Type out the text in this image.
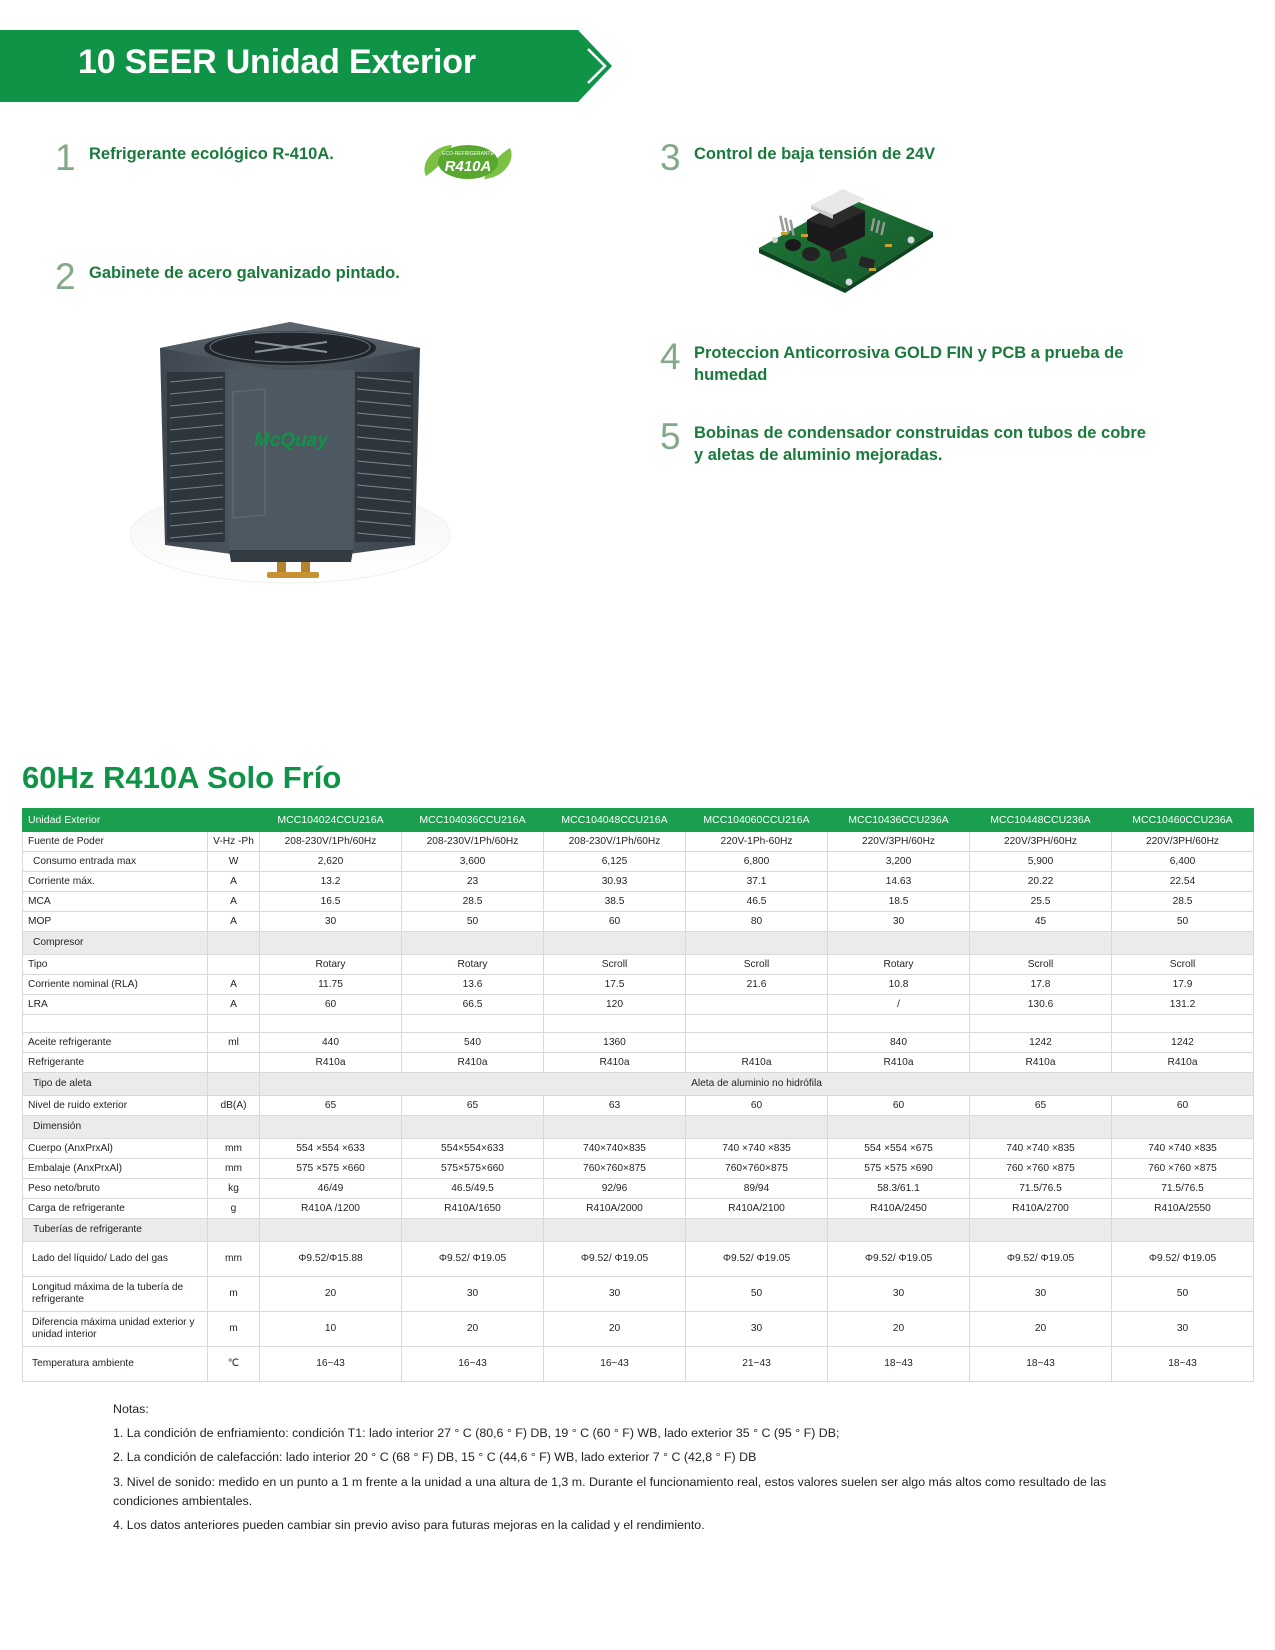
10 SEER Unidad Exterior
1 Refrigerante ecológico R-410A.	ECO-REFRIGERANTE
R410A
2 Gabinete de acero galvanizado pintado.
McQuay
3 Control de baja tensión de 24V
4 Proteccion Anticorrosiva GOLD FIN y PCB a prueba de humedad
5 Bobinas de condensador construidas con tubos de cobre y aletas de aluminio mejoradas.
60Hz R410A Solo Frío
Unidad Exterior		MCC104024CCU216A	MCC104036CCU216A	MCC104048CCU216A	MCC104060CCU216A	MCC10436CCU236A	MCC10448CCU236A	MCC10460CCU236A
Fuente de Poder	V-Hz -Ph	208-230V/1Ph/60Hz	208-230V/1Ph/60Hz	208-230V/1Ph/60Hz	220V-1Ph-60Hz	220V/3PH/60Hz	220V/3PH/60Hz	220V/3PH/60Hz
Consumo entrada max	W	2,620	3,600	6,125	6,800	3,200	5,900	6,400
Corriente máx.	A	13.2	23	30.93	37.1	14.63	20.22	22.54
MCA	A	16.5	28.5	38.5	46.5	18.5	25.5	28.5
MOP	A	30	50	60	80	30	45	50
Compresor								
Tipo		Rotary	Rotary	Scroll	Scroll	Rotary	Scroll	Scroll
Corriente nominal (RLA)	A	11.75	13.6	17.5	21.6	10.8	17.8	17.9
LRA	A	60	66.5	120		/	130.6	131.2

Aceite refrigerante	ml	440	540	1360		840	1242	1242
Refrigerante		R410a	R410a	R410a	R410a	R410a	R410a	R410a
Tipo de aleta		Aleta de aluminio no hidrófila						
Nivel de ruido exterior	dB(A)	65	65	63	60	60	65	60
Dimensión								
Cuerpo (AnxPrxAl)	mm	554 ×554 ×633	554×554×633	740×740×835	740 ×740 ×835	554 ×554 ×675	740 ×740 ×835	740 ×740 ×835
Embalaje (AnxPrxAl)	mm	575 ×575 ×660	575×575×660	760×760×875	760×760×875	575 ×575 ×690	760 ×760 ×875	760 ×760 ×875
Peso neto/bruto	kg	46/49	46.5/49.5	92/96	89/94	58.3/61.1	71.5/76.5	71.5/76.5
Carga de refrigerante	g	R410A /1200	R410A/1650	R410A/2000	R410A/2100	R410A/2450	R410A/2700	R410A/2550
Tuberías de refrigerante								
Lado del líquido/ Lado del gas	mm	Φ9.52/Φ15.88	Φ9.52/ Φ19.05	Φ9.52/ Φ19.05	Φ9.52/ Φ19.05	Φ9.52/ Φ19.05	Φ9.52/ Φ19.05	Φ9.52/ Φ19.05
Longitud máxima de la tubería de refrigerante	m	20	30	30	50	30	30	50
Diferencia máxima unidad exterior y unidad interior	m	10	20	20	30	20	20	30
Temperatura ambiente	℃	16~43	16~43	16~43	21~43	18~43	18~43	18~43
Notas:
1. La condición de enfriamiento: condición T1: lado interior 27 ° C (80,6 ° F) DB, 19 ° C (60 ° F) WB, lado exterior 35 ° C (95 ° F) DB;
2. La condición de calefacción: lado interior 20 ° C (68 ° F) DB, 15 ° C (44,6 ° F) WB, lado exterior 7 ° C (42,8 ° F) DB
3. Nivel de sonido: medido en un punto a 1 m frente a la unidad a una altura de 1,3 m. Durante el funcionamiento real, estos valores suelen ser algo más altos como resultado de las condiciones ambientales.
4. Los datos anteriores pueden cambiar sin previo aviso para futuras mejoras en la calidad y el rendimiento.
